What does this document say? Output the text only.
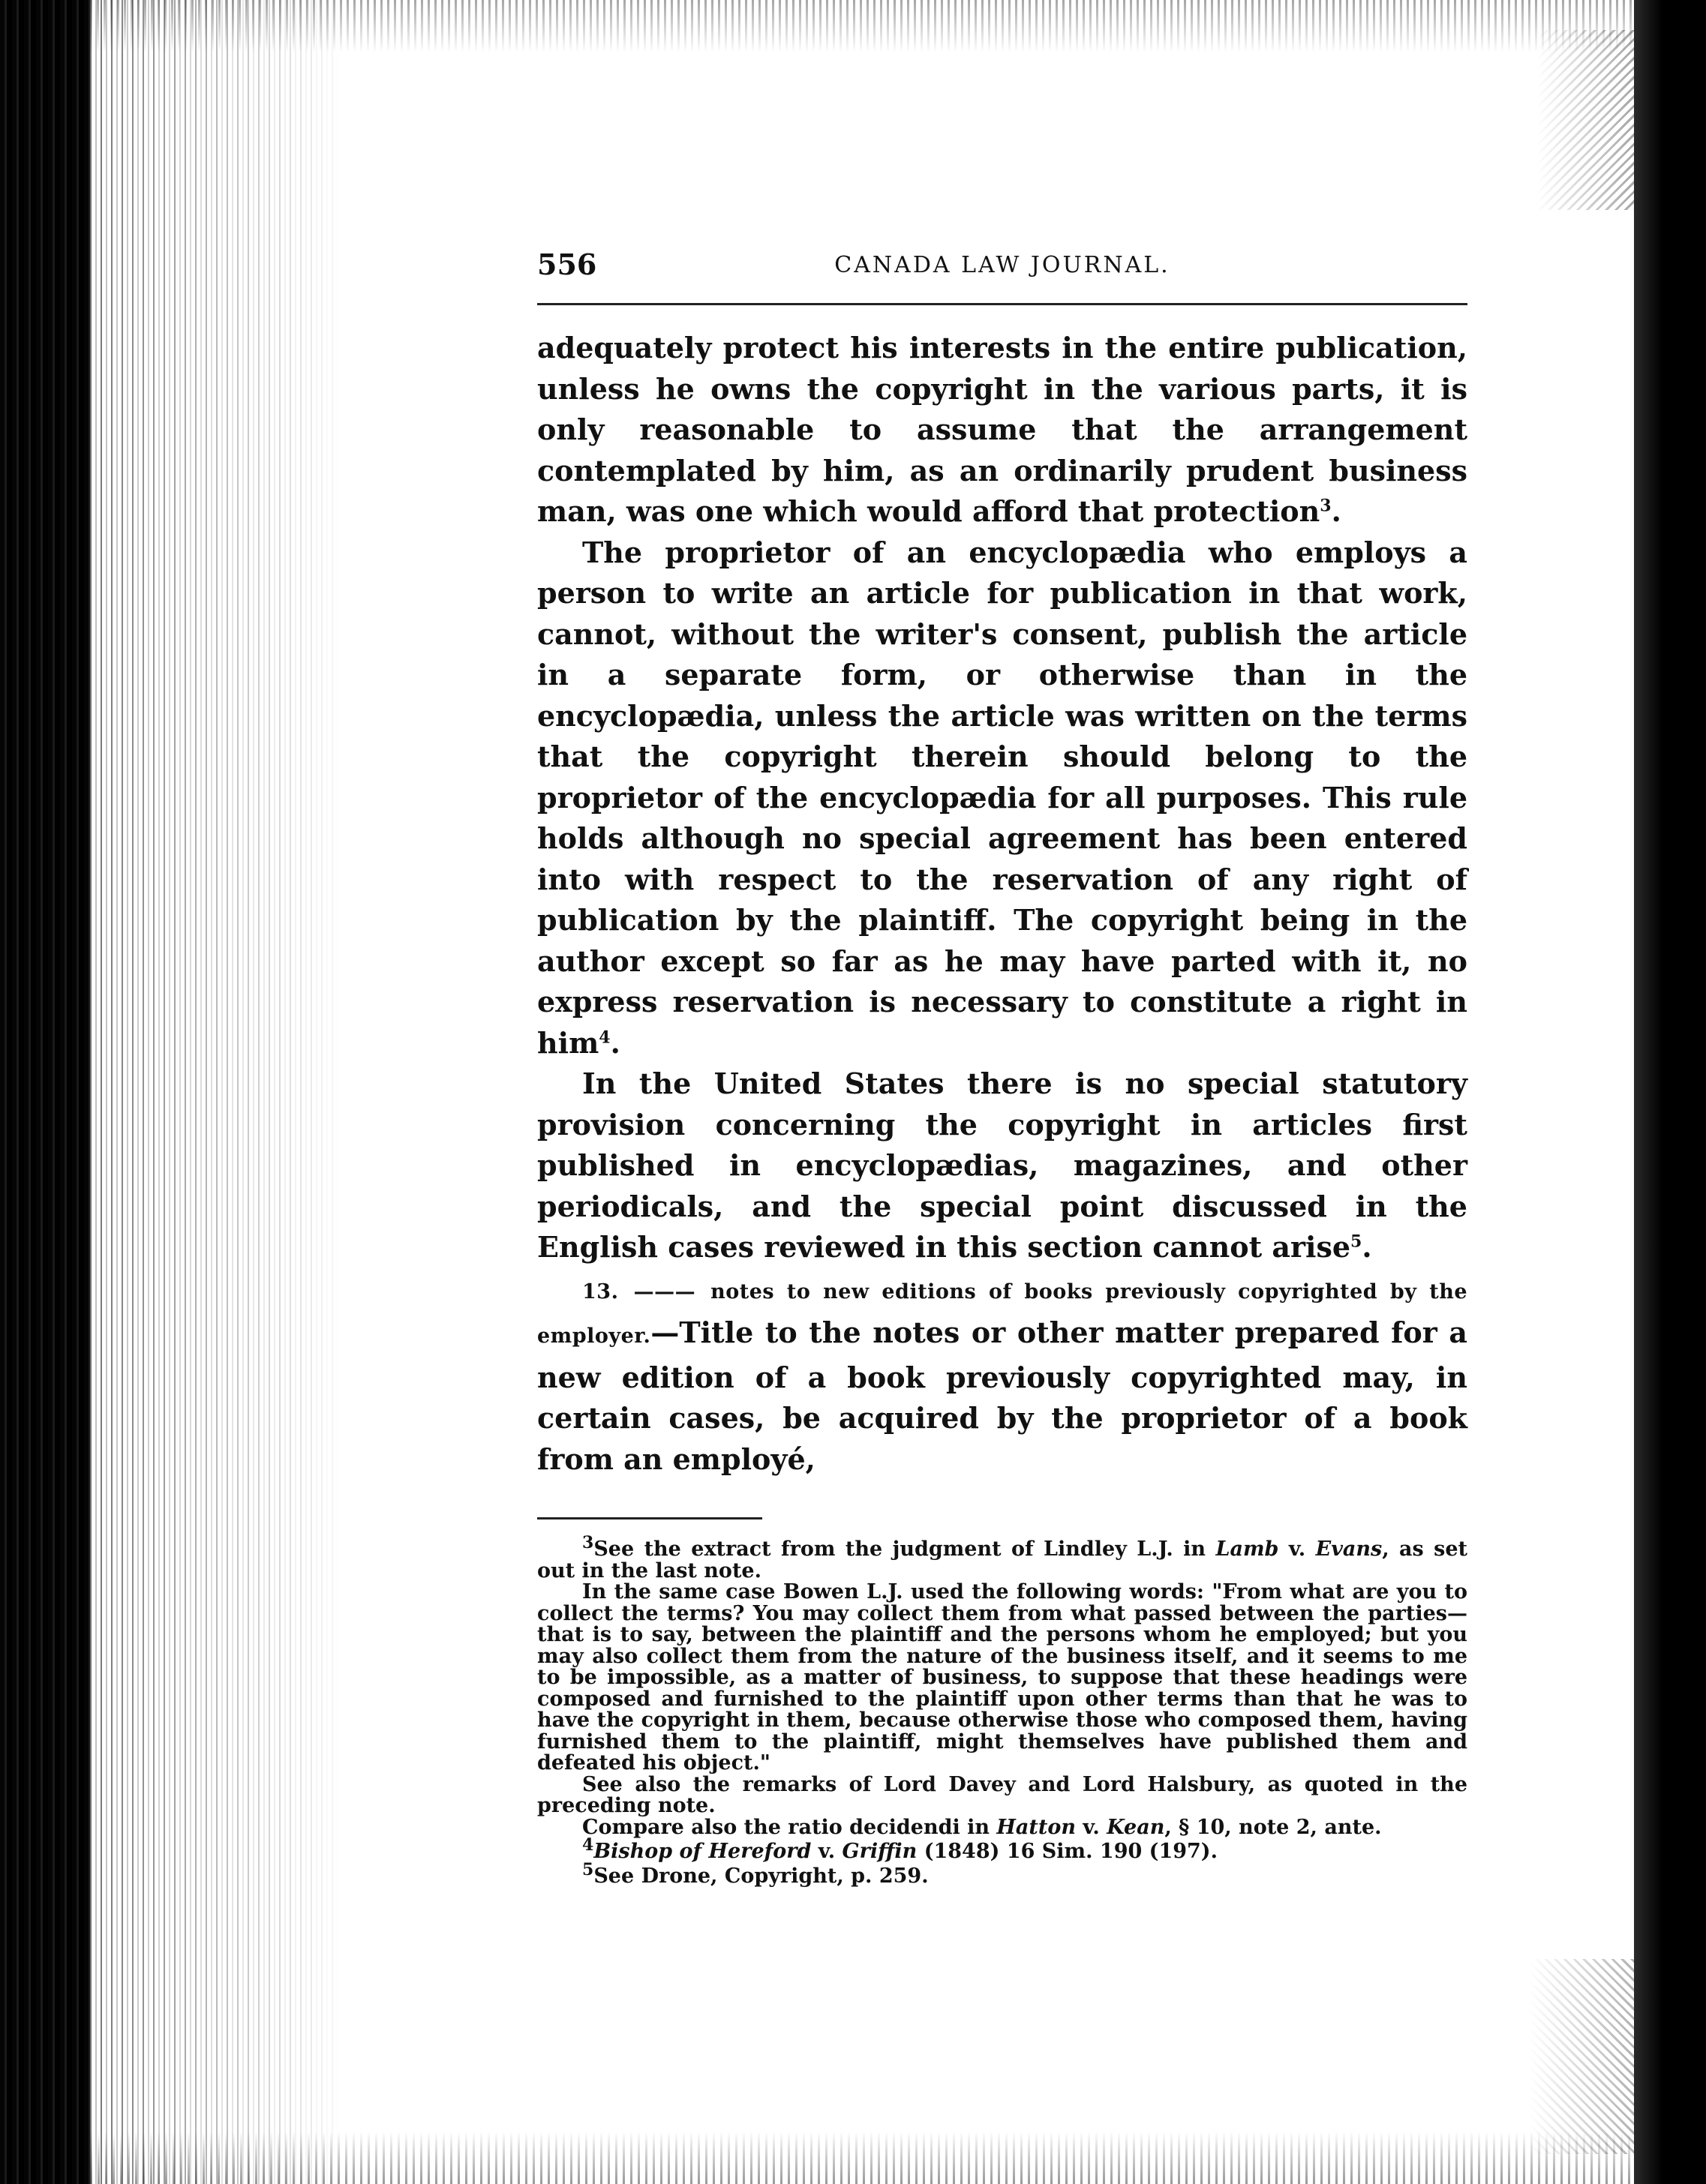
556	CANADA LAW JOURNAL.

adequately protect his interests in the entire publication, unless he owns the copyright in the various parts, it is only reasonable to assume that the arrangement contemplated by him, as an ordinarily prudent business man, was one which would afford that protection$^3$.

The proprietor of an encyclopædia who employs a person to write an article for publication in that work, cannot, without the writer's consent, publish the article in a separate form, or otherwise than in the encyclopædia, unless the article was written on the terms that the copyright therein should belong to the proprietor of the encyclopædia for all purposes. This rule holds although no special agreement has been entered into with respect to the reservation of any right of publication by the plaintiff. The copyright being in the author except so far as he may have parted with it, no express reservation is necessary to constitute a right in him$^4$.

In the United States there is no special statutory provision concerning the copyright in articles first published in encyclopædias, magazines, and other periodicals, and the special point discussed in the English cases reviewed in this section cannot arise$^5$.

13. ——— notes to new editions of books previously copyrighted by the employer.—Title to the notes or other matter prepared for a new edition of a book previously copyrighted may, in certain cases, be acquired by the proprietor of a book from an employé,

$^3$See the extract from the judgment of Lindley L.J. in Lamb v. Evans, as set out in the last note.

In the same case Bowen L.J. used the following words: "From what are you to collect the terms? You may collect them from what passed between the parties—that is to say, between the plaintiff and the persons whom he employed; but you may also collect them from the nature of the business itself, and it seems to me to be impossible, as a matter of business, to suppose that these headings were composed and furnished to the plaintiff upon other terms than that he was to have the copyright in them, because otherwise those who composed them, having furnished them to the plaintiff, might themselves have published them and defeated his object."

See also the remarks of Lord Davey and Lord Halsbury, as quoted in the preceding note.

Compare also the ratio decidendi in Hatton v. Kean, § 10, note 2, ante.

$^4$Bishop of Hereford v. Griffin (1848) 16 Sim. 190 (197).

$^5$See Drone, Copyright, p. 259.
